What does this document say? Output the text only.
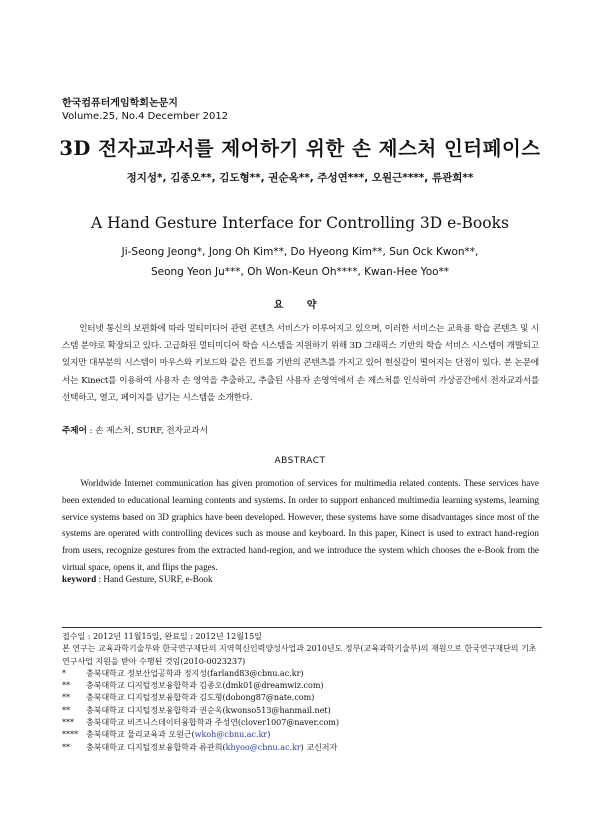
한국컴퓨터게임학회논문지
Volume.25, No.4 December 2012
3D 전자교과서를 제어하기 위한 손 제스처 인터페이스
정지성*, 김종오**, 김도형**, 권순옥**, 주성연***, 오원근****, 류관희**
A Hand Gesture Interface for Controlling 3D e-Books
Ji-Seong Jeong*, Jong Oh Kim**, Do Hyeong Kim**, Sun Ock Kwon**,
Seong Yeon Ju***, Oh Won-Keun Oh****, Kwan-Hee Yoo**
요 약
인터넷 통신의 보편화에 따라 멀티미디어 관련 콘텐츠 서비스가 이루어지고 있으며, 이러한 서비스는 교육용 학습 콘텐츠 및 시스템 분야로 확장되고 있다. 고급화된 멀티미디어 학습 시스템을 지원하기 위해 3D 그래픽스 기반의 학습 서비스 시스템이 개발되고 있지만 대부분의 시스템이 마우스와 키보드와 같은 컨트롤 기반의 콘텐츠를 가지고 있어 현실감이 떨어지는 단점이 있다. 본 논문에서는 Kinect를 이용하여 사용자 손 영역을 추출하고, 추출된 사용자 손영역에서 손 제스처를 인식하여 가상공간에서 전자교과서를 선택하고, 열고, 페이지를 넘기는 시스템을 소개한다.
주제어 : 손 제스처, SURF, 전자교과서
ABSTRACT
Worldwide Internet communication has given promotion of services for multimedia related contents. These services have been extended to educational learning contents and systems. In order to support enhanced multimedia learning systems, learning service systems based on 3D graphics have been developed. However, these systems have some disadvantages since most of the systems are operated with controlling devices such as mouse and keyboard. In this paper, Kinect is used to extract hand-region from users, recognize gestures from the extracted hand-region, and we introduce the system which chooses the e-Book from the virtual space, opens it, and flips the pages.
keyword : Hand Gesture, SURF, e-Book
접수일 : 2012년 11월15일, 완료일 : 2012년 12월15일
본 연구는 교육과학기술부와 한국연구재단의 지역혁신인력양성사업과 2010년도 정부(교육과학기술부)의 재원으로 한국연구재단의 기초연구사업 지원을 받아 수행된 것임(2010-0023237)
*	충북대학교 정보산업공학과 정지성(farland83@cbnu.ac.kr)
** 충북대학교 디지털정보융합학과 김종오(dmk01@dreamwiz.com)
** 충북대학교 디지털정보융합학과 김도형(dobong87@nate.com)
** 충북대학교 디지털정보융합학과 권순옥(kwonso513@hanmail.net)
*** 충북대학교 비즈니스데이터융합학과 주성연(clover1007@naver.com)
**** 충북대학교 물리교육과 오원근(wkoh@cbnu.ac.kr)
** 충북대학교 디지털정보융합학과 류관희(khyoo@cbnu.ac.kr) 교신저자
